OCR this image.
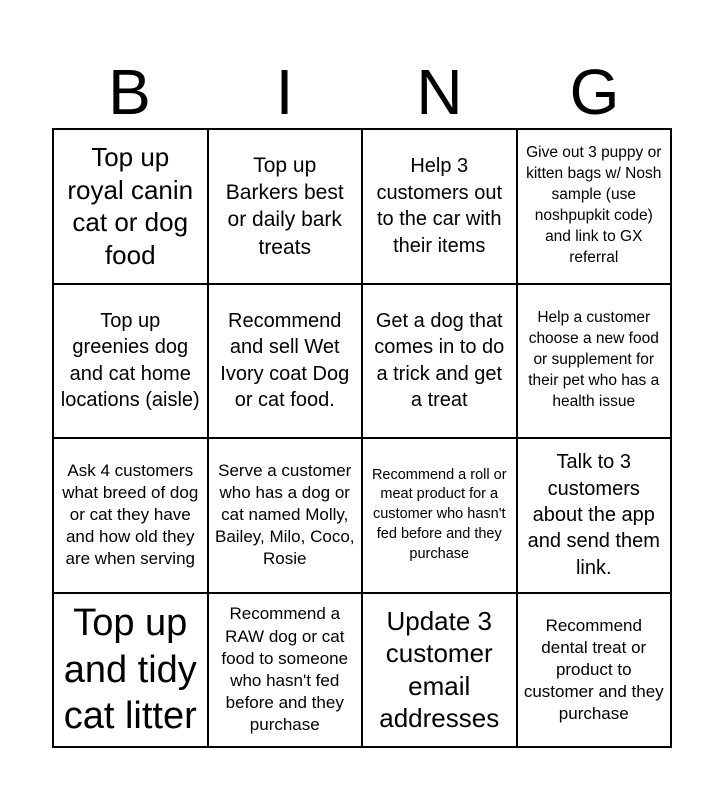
B	I	N	G
Top up royal canin cat or dog food
Top up Barkers best or daily bark treats
Help 3 customers out to the car with their items
Give out 3 puppy or kitten bags w/ Nosh sample (use noshpupkit code) and link to GX referral
Top up greenies dog and cat home locations (aisle)
Recommend and sell Wet Ivory coat Dog or cat food.
Get a dog that comes in to do a trick and get a treat
Help a customer choose a new food or supplement for their pet who has a health issue
Ask 4 customers what breed of dog or cat they have and how old they are when serving
Serve a customer who has a dog or cat named Molly, Bailey, Milo, Coco, Rosie
Recommend a roll or meat product for a customer who hasn't fed before and they purchase
Talk to 3 customers about the app and send them link.
Top up and tidy cat litter
Recommend a RAW dog or cat food to someone who hasn't fed before and they purchase
Update 3 customer email addresses
Recommend dental treat or product to customer and they purchase
